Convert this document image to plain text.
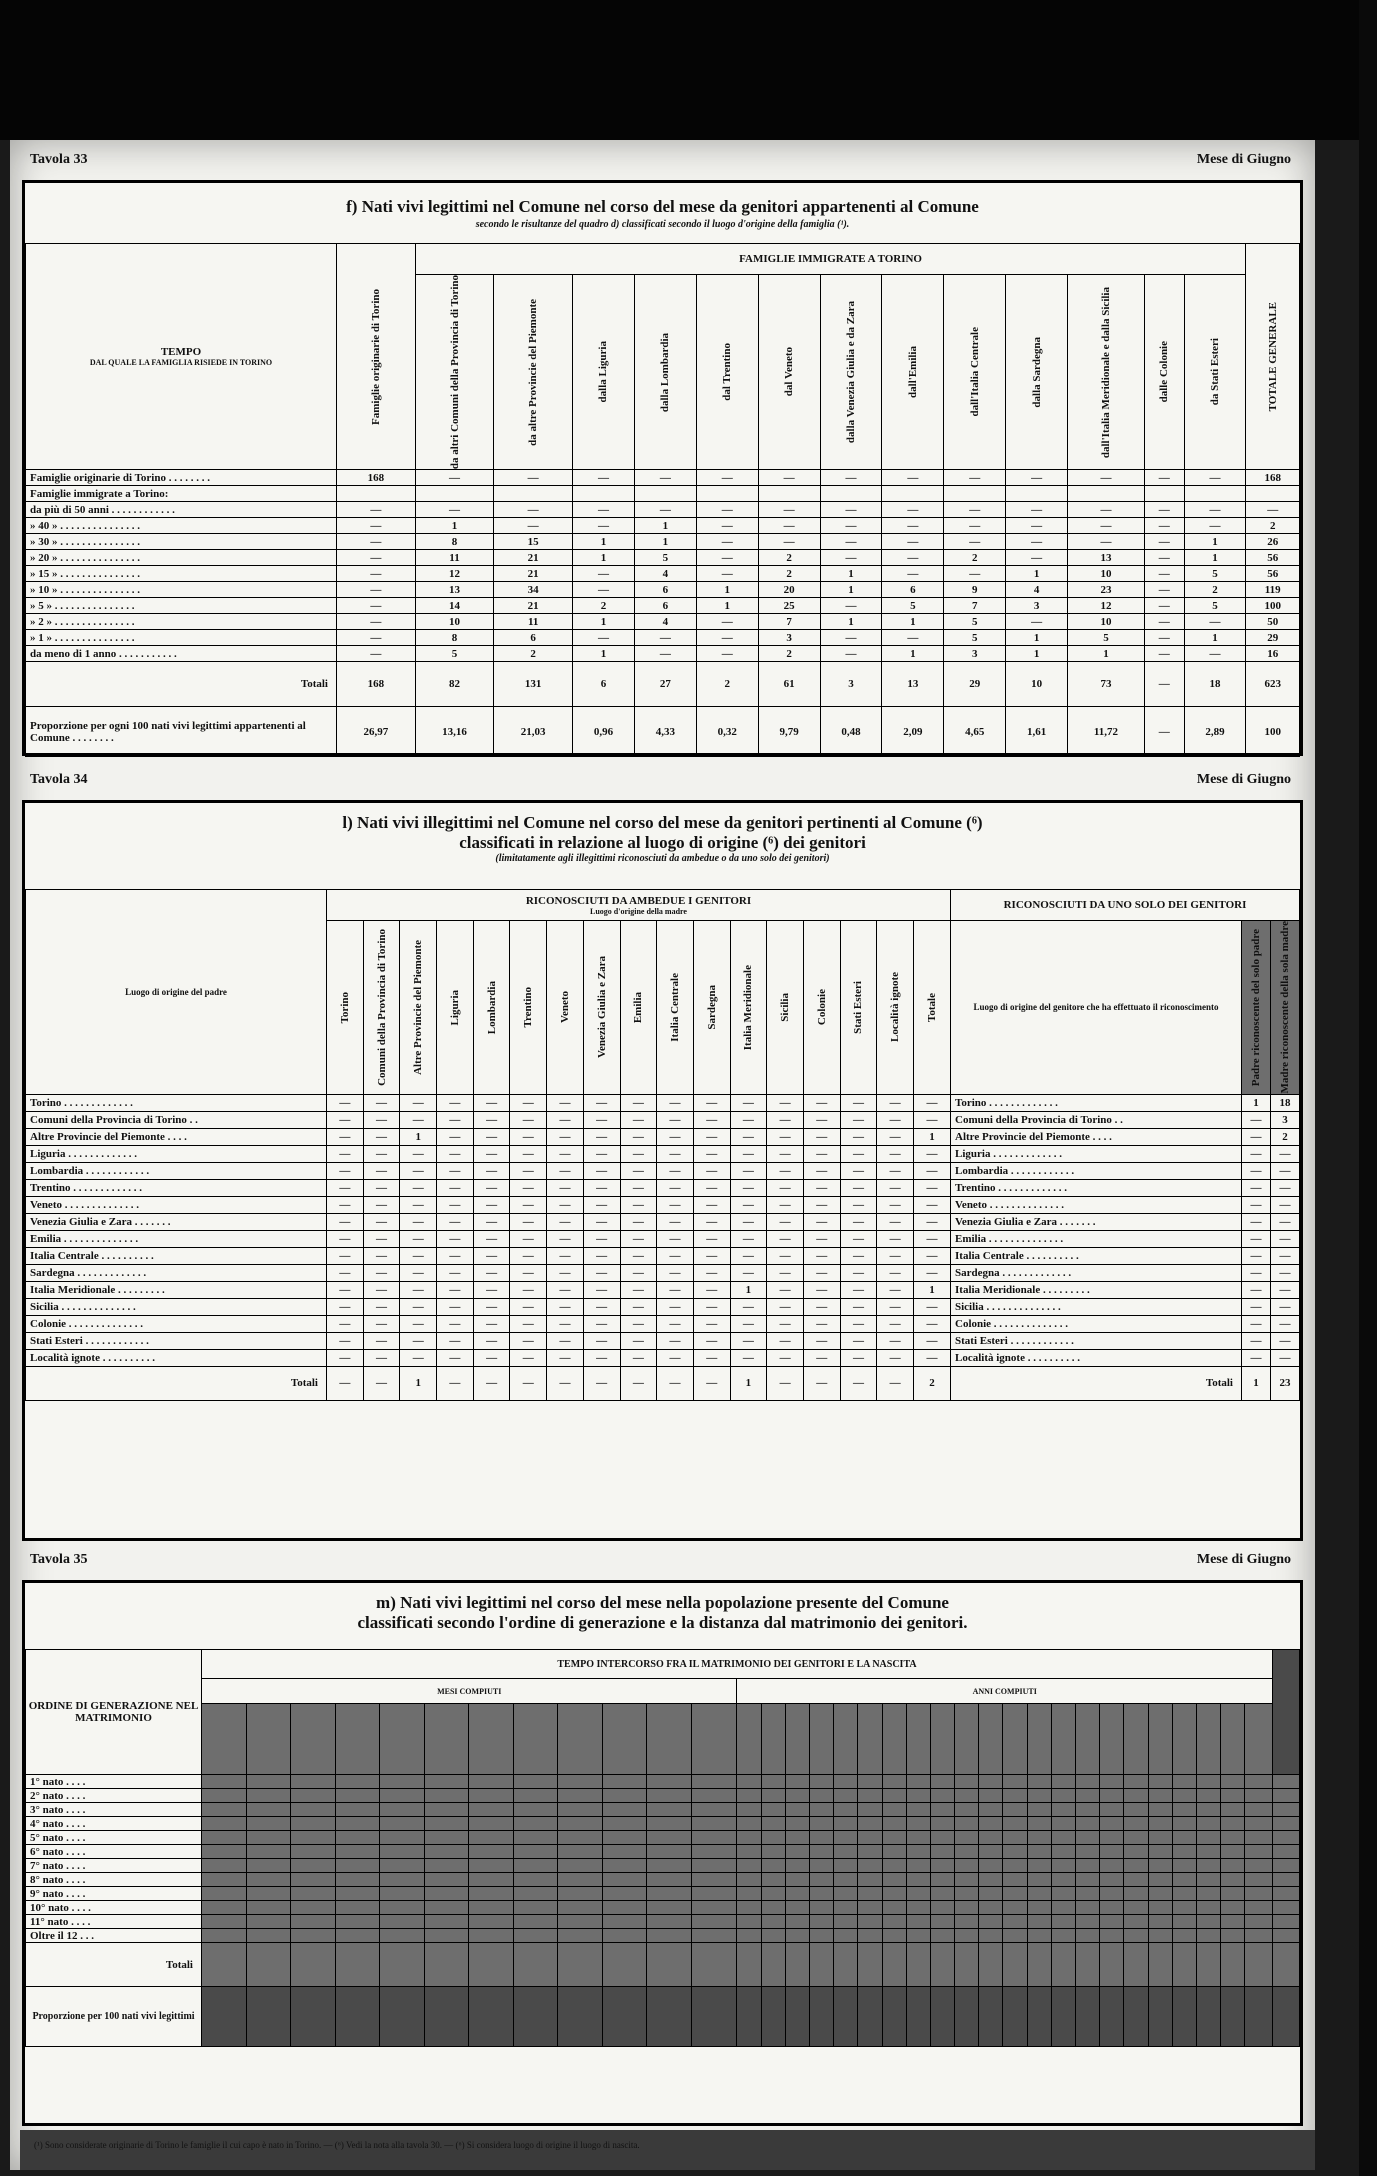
Tavola 33	Mese di Giugno
f) Nati vivi legittimi nel Comune nel corso del mese da genitori appartenenti al Comune
secondo le risultanze del quadro d) classificati secondo il luogo d'origine della famiglia (¹).
TEMPO
DAL QUALE LA FAMIGLIA RISIEDE IN TORINO	Famiglie originarie di Torino	FAMIGLIE IMMIGRATE A TORINO													TOTALE GENERALE

		da altri Comuni della Provincia di Torino	da altre Provincie del Piemonte	dalla Liguria	dalla Lombardia	dal Trentino	dal Veneto	dalla Venezia Giulia e da Zara	dall'Emilia	dall'Italia Centrale	dalla Sardegna	dall'Italia Meridionale e dalla Sicilia	dalle Colonie	da Stati Esteri	

Famiglie originarie di Torino . . . . . . . .	168	—	—	—	—	—	—	—	—	—	—	—	—	—	168
Famiglie immigrate a Torino:															
da più di 50 anni . . . . . . . . . . . .	—	—	—	—	—	—	—	—	—	—	—	—	—	—	—
» 40 » . . . . . . . . . . . . . . .	—	1	—	—	1	—	—	—	—	—	—	—	—	—	2
» 30 » . . . . . . . . . . . . . . .	—	8	15	1	1	—	—	—	—	—	—	—	—	1	26
» 20 » . . . . . . . . . . . . . . .	—	11	21	1	5	—	2	—	—	2	—	13	—	1	56
» 15 » . . . . . . . . . . . . . . .	—	12	21	—	4	—	2	1	—	—	1	10	—	5	56
» 10 » . . . . . . . . . . . . . . .	—	13	34	—	6	1	20	1	6	9	4	23	—	2	119
» 5 » . . . . . . . . . . . . . . .	—	14	21	2	6	1	25	—	5	7	3	12	—	5	100
» 2 » . . . . . . . . . . . . . . .	—	10	11	1	4	—	7	1	1	5	—	10	—	—	50
» 1 » . . . . . . . . . . . . . . .	—	8	6	—	—	—	3	—	—	5	1	5	—	1	29
da meno di 1 anno . . . . . . . . . . .	—	5	2	1	—	—	2	—	1	3	1	1	—	—	16
Totali	168	82	131	6	27	2	61	3	13	29	10	73	—	18	623
Proporzione per ogni 100 nati vivi legittimi appartenenti al Comune . . . . . . . .	26,97	13,16	21,03	0,96	4,33	0,32	9,79	0,48	2,09	4,65	1,61	11,72	—	2,89	100
Tavola 34	Mese di Giugno
l) Nati vivi illegittimi nel Comune nel corso del mese da genitori pertinenti al Comune (⁶)
classificati in relazione al luogo di origine (⁶) dei genitori
(limitatamente agli illegittimi riconosciuti da ambedue o da uno solo dei genitori)
Luogo di origine del padre	RICONOSCIUTI DA AMBEDUE I GENITORI
Luogo d'origine della madre																	RICONOSCIUTI DA UNO SOLO DEI GENITORI		

	Torino	Comuni della Provincia di Torino	Altre Provincie del Piemonte	Liguria	Lombardia	Trentino	Veneto	Venezia Giulia e Zara	Emilia	Italia Centrale	Sardegna	Italia Meridionale	Sicilia	Colonie	Stati Esteri	Località ignote	Totale	Luogo di origine del genitore che ha effettuato il riconoscimento	Padre riconoscente del solo padre	Madre riconoscente della sola madre

Torino . . . . . . . . . . . . .	—	—	—	—	—	—	—	—	—	—	—	—	—	—	—	—	—	Torino . . . . . . . . . . . . .	1	18
Comuni della Provincia di Torino . .	—	—	—	—	—	—	—	—	—	—	—	—	—	—	—	—	—	Comuni della Provincia di Torino . .	—	3
Altre Provincie del Piemonte . . . .	—	—	1	—	—	—	—	—	—	—	—	—	—	—	—	—	1	Altre Provincie del Piemonte . . . .	—	2
Liguria . . . . . . . . . . . . .	—	—	—	—	—	—	—	—	—	—	—	—	—	—	—	—	—	Liguria . . . . . . . . . . . . .	—	—
Lombardia . . . . . . . . . . . .	—	—	—	—	—	—	—	—	—	—	—	—	—	—	—	—	—	Lombardia . . . . . . . . . . . .	—	—
Trentino . . . . . . . . . . . . .	—	—	—	—	—	—	—	—	—	—	—	—	—	—	—	—	—	Trentino . . . . . . . . . . . . .	—	—
Veneto . . . . . . . . . . . . . .	—	—	—	—	—	—	—	—	—	—	—	—	—	—	—	—	—	Veneto . . . . . . . . . . . . . .	—	—
Venezia Giulia e Zara . . . . . . .	—	—	—	—	—	—	—	—	—	—	—	—	—	—	—	—	—	Venezia Giulia e Zara . . . . . . .	—	—
Emilia . . . . . . . . . . . . . .	—	—	—	—	—	—	—	—	—	—	—	—	—	—	—	—	—	Emilia . . . . . . . . . . . . . .	—	—
Italia Centrale . . . . . . . . . .	—	—	—	—	—	—	—	—	—	—	—	—	—	—	—	—	—	Italia Centrale . . . . . . . . . .	—	—
Sardegna . . . . . . . . . . . . .	—	—	—	—	—	—	—	—	—	—	—	—	—	—	—	—	—	Sardegna . . . . . . . . . . . . .	—	—
Italia Meridionale . . . . . . . . .	—	—	—	—	—	—	—	—	—	—	—	1	—	—	—	—	1	Italia Meridionale . . . . . . . . .	—	—
Sicilia . . . . . . . . . . . . . .	—	—	—	—	—	—	—	—	—	—	—	—	—	—	—	—	—	Sicilia . . . . . . . . . . . . . .	—	—
Colonie . . . . . . . . . . . . . .	—	—	—	—	—	—	—	—	—	—	—	—	—	—	—	—	—	Colonie . . . . . . . . . . . . . .	—	—
Stati Esteri . . . . . . . . . . . .	—	—	—	—	—	—	—	—	—	—	—	—	—	—	—	—	—	Stati Esteri . . . . . . . . . . . .	—	—
Località ignote . . . . . . . . . .	—	—	—	—	—	—	—	—	—	—	—	—	—	—	—	—	—	Località ignote . . . . . . . . . .	—	—
Totali	—	—	1	—	—	—	—	—	—	—	—	1	—	—	—	—	2	Totali	1	23
Tavola 35	Mese di Giugno
m) Nati vivi legittimi nel corso del mese nella popolazione presente del Comune
classificati secondo l'ordine di generazione e la distanza dal matrimonio dei genitori.
ORDINE DI GENERAZIONE NEL MATRIMONIO	TEMPO INTERCORSO FRA IL MATRIMONIO DEI GENITORI E LA NASCITA																																		
	MESI COMPIUTI												ANNI COMPIUTI																						

1° nato . . . .																																			
2° nato . . . .																																			
3° nato . . . .																																			
4° nato . . . .																																			
5° nato . . . .																																			
6° nato . . . .																																			
7° nato . . . .																																			
8° nato . . . .																																			
9° nato . . . .																																			
10° nato . . . .																																			
11° nato . . . .																																			
Oltre il 12 . . .																																			
Totali																																			
Proporzione per 100 nati vivi legittimi																																			
(¹) Sono considerate originarie di Torino le famiglie il cui capo è nato in Torino. — (⁶) Vedi la nota alla tavola 30. — (⁶) Si considera luogo di origine il luogo di nascita.
